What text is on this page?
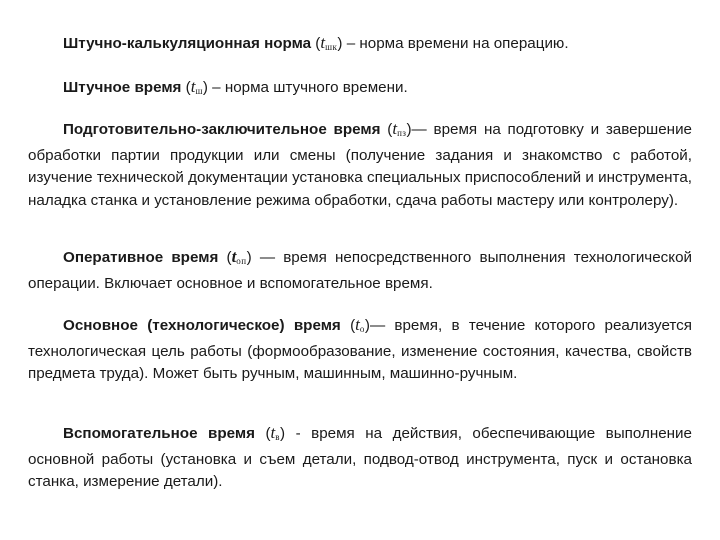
Штучно-калькуляционная норма $(t_{шк})$ – норма времени на операцию.

Штучное время $(t_ш)$ – норма штучного времени.

Подготовительно-заключительное время $(t_{пз})—$ время на подготовку и завершение обработки партии продукции или смены (получение задания и знакомство с работой, изучение технической документации установка специальных приспособлений и инструмента, наладка станка и установление режима обработки, сдача работы мастеру или контролеру).

Оперативное время $(t_{оп})$ — время непосредственного выполнения технологической операции. Включает основное и вспомогательное время.

Основное (технологическое) время $(t_о)—$ время, в течение которого реализуется технологическая цель работы (формообразование, изменение состояния, качества, свойств предмета труда). Может быть ручным, машинным, машинно-ручным.

Вспомогательное время $(t_в)$ - время на действия, обеспечивающие выполнение основной работы (установка и съем детали, подвод-отвод инструмента, пуск и остановка станка, измерение детали).
